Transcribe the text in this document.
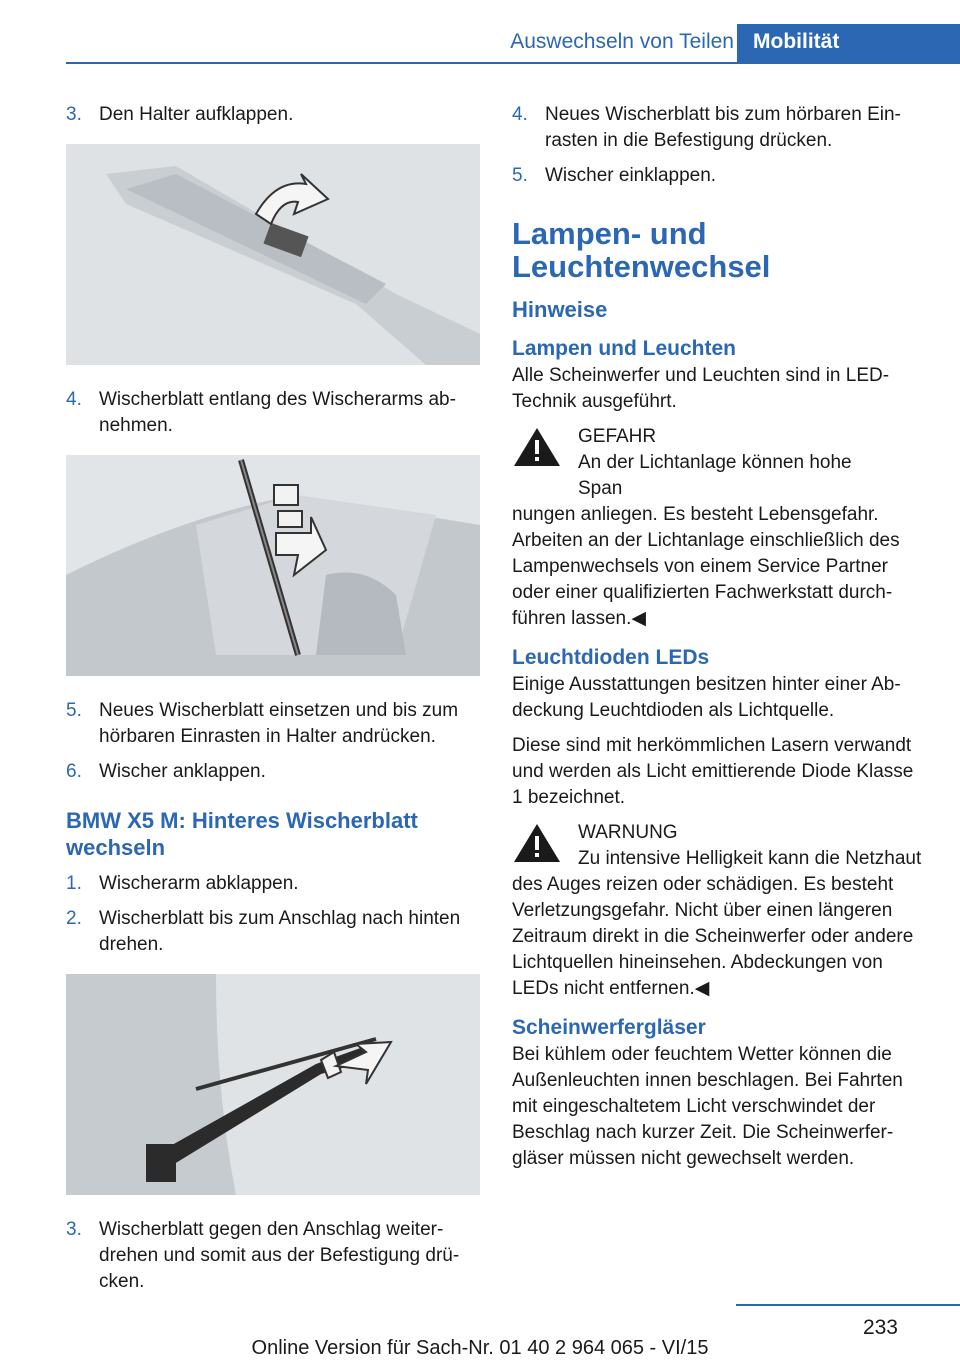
Auswechseln von Teilen Mobilität
3. Den Halter aufklappen.
4. Wischerblatt entlang des Wischerarms abnehmen.
5. Neues Wischerblatt einsetzen und bis zum hörbaren Einrasten in Halter andrücken.
6. Wischer anklappen.
BMW X5 M: Hinteres Wischerblatt wechseln
1. Wischerarm abklappen.
2. Wischerblatt bis zum Anschlag nach hinten drehen.
3. Wischerblatt gegen den Anschlag weiterdrehen und somit aus der Befestigung drücken.
4. Neues Wischerblatt bis zum hörbaren Einrasten in die Befestigung drücken.
5. Wischer einklappen.
Lampen- und Leuchtenwechsel
Hinweise
Lampen und Leuchten

Alle Scheinwerfer und Leuchten sind in LED-Technik ausgeführt.

GEFAHR
An der Lichtanlage können hohe Span
nungen anliegen. Es besteht Lebensgefahr. Arbeiten an der Lichtanlage einschließlich des Lampenwechsels von einem Service Partner oder einer qualifizierten Fachwerkstatt durchführen lassen.◀
Leuchtdioden LEDs

Einige Ausstattungen besitzen hinter einer Abdeckung Leuchtdioden als Lichtquelle.

Diese sind mit herkömmlichen Lasern verwandt und werden als Licht emittierende Diode Klasse 1 bezeichnet.

WARNUNG
Zu intensive Helligkeit kann die Netzhaut
des Auges reizen oder schädigen. Es besteht Verletzungsgefahr. Nicht über einen längeren Zeitraum direkt in die Scheinwerfer oder andere Lichtquellen hineinsehen. Abdeckungen von LEDs nicht entfernen.◀
Scheinwerfergläser

Bei kühlem oder feuchtem Wetter können die Außenleuchten innen beschlagen. Bei Fahrten mit eingeschaltetem Licht verschwindet der Beschlag nach kurzer Zeit. Die Scheinwerfergläser müssen nicht gewechselt werden.

233
Online Version für Sach-Nr. 01 40 2 964 065 - VI/15
